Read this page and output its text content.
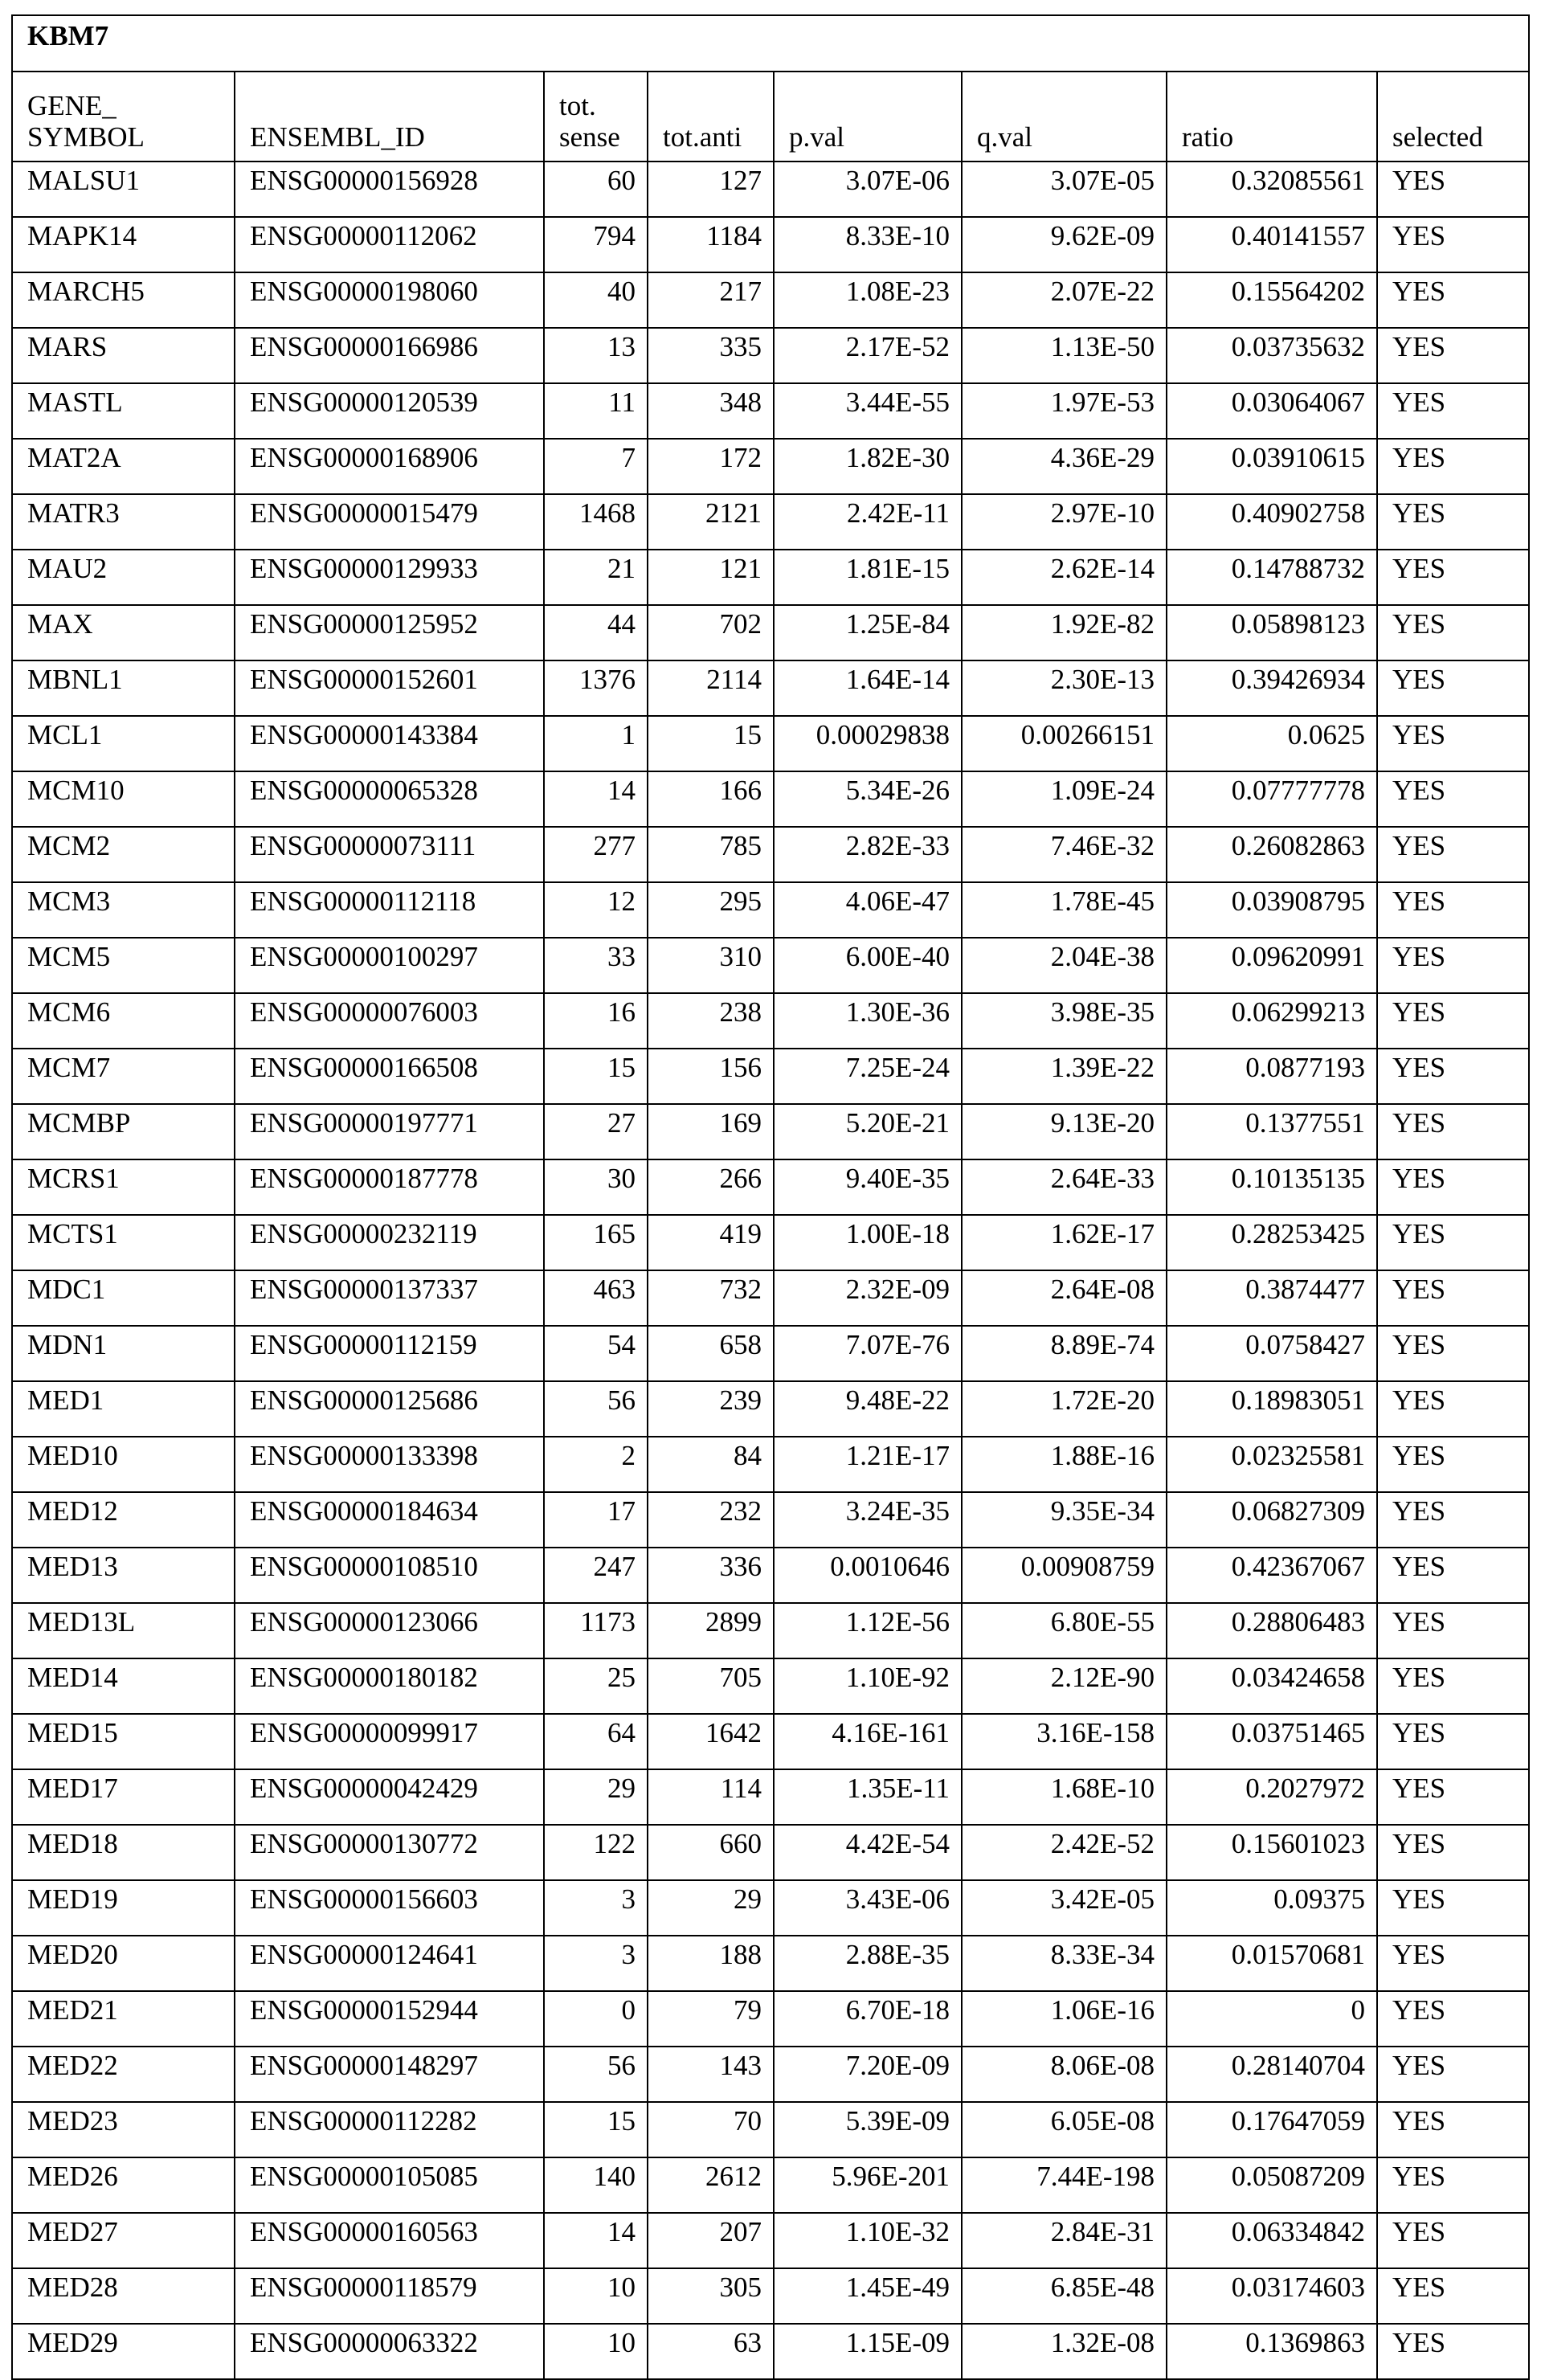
KBM7
GENE_ SYMBOL	ENSEMBL_ID	tot. sense	tot.anti	p.val	q.val	ratio	selected
MALSU1	ENSG00000156928	60	127	3.07E-06	3.07E-05	0.32085561	YES
MAPK14	ENSG00000112062	794	1184	8.33E-10	9.62E-09	0.40141557	YES
MARCH5	ENSG00000198060	40	217	1.08E-23	2.07E-22	0.15564202	YES
MARS	ENSG00000166986	13	335	2.17E-52	1.13E-50	0.03735632	YES
MASTL	ENSG00000120539	11	348	3.44E-55	1.97E-53	0.03064067	YES
MAT2A	ENSG00000168906	7	172	1.82E-30	4.36E-29	0.03910615	YES
MATR3	ENSG00000015479	1468	2121	2.42E-11	2.97E-10	0.40902758	YES
MAU2	ENSG00000129933	21	121	1.81E-15	2.62E-14	0.14788732	YES
MAX	ENSG00000125952	44	702	1.25E-84	1.92E-82	0.05898123	YES
MBNL1	ENSG00000152601	1376	2114	1.64E-14	2.30E-13	0.39426934	YES
MCL1	ENSG00000143384	1	15	0.00029838	0.00266151	0.0625	YES
MCM10	ENSG00000065328	14	166	5.34E-26	1.09E-24	0.07777778	YES
MCM2	ENSG00000073111	277	785	2.82E-33	7.46E-32	0.26082863	YES
MCM3	ENSG00000112118	12	295	4.06E-47	1.78E-45	0.03908795	YES
MCM5	ENSG00000100297	33	310	6.00E-40	2.04E-38	0.09620991	YES
MCM6	ENSG00000076003	16	238	1.30E-36	3.98E-35	0.06299213	YES
MCM7	ENSG00000166508	15	156	7.25E-24	1.39E-22	0.0877193	YES
MCMBP	ENSG00000197771	27	169	5.20E-21	9.13E-20	0.1377551	YES
MCRS1	ENSG00000187778	30	266	9.40E-35	2.64E-33	0.10135135	YES
MCTS1	ENSG00000232119	165	419	1.00E-18	1.62E-17	0.28253425	YES
MDC1	ENSG00000137337	463	732	2.32E-09	2.64E-08	0.3874477	YES
MDN1	ENSG00000112159	54	658	7.07E-76	8.89E-74	0.0758427	YES
MED1	ENSG00000125686	56	239	9.48E-22	1.72E-20	0.18983051	YES
MED10	ENSG00000133398	2	84	1.21E-17	1.88E-16	0.02325581	YES
MED12	ENSG00000184634	17	232	3.24E-35	9.35E-34	0.06827309	YES
MED13	ENSG00000108510	247	336	0.0010646	0.00908759	0.42367067	YES
MED13L	ENSG00000123066	1173	2899	1.12E-56	6.80E-55	0.28806483	YES
MED14	ENSG00000180182	25	705	1.10E-92	2.12E-90	0.03424658	YES
MED15	ENSG00000099917	64	1642	4.16E-161	3.16E-158	0.03751465	YES
MED17	ENSG00000042429	29	114	1.35E-11	1.68E-10	0.2027972	YES
MED18	ENSG00000130772	122	660	4.42E-54	2.42E-52	0.15601023	YES
MED19	ENSG00000156603	3	29	3.43E-06	3.42E-05	0.09375	YES
MED20	ENSG00000124641	3	188	2.88E-35	8.33E-34	0.01570681	YES
MED21	ENSG00000152944	0	79	6.70E-18	1.06E-16	0	YES
MED22	ENSG00000148297	56	143	7.20E-09	8.06E-08	0.28140704	YES
MED23	ENSG00000112282	15	70	5.39E-09	6.05E-08	0.17647059	YES
MED26	ENSG00000105085	140	2612	5.96E-201	7.44E-198	0.05087209	YES
MED27	ENSG00000160563	14	207	1.10E-32	2.84E-31	0.06334842	YES
MED28	ENSG00000118579	10	305	1.45E-49	6.85E-48	0.03174603	YES
MED29	ENSG00000063322	10	63	1.15E-09	1.32E-08	0.1369863	YES
